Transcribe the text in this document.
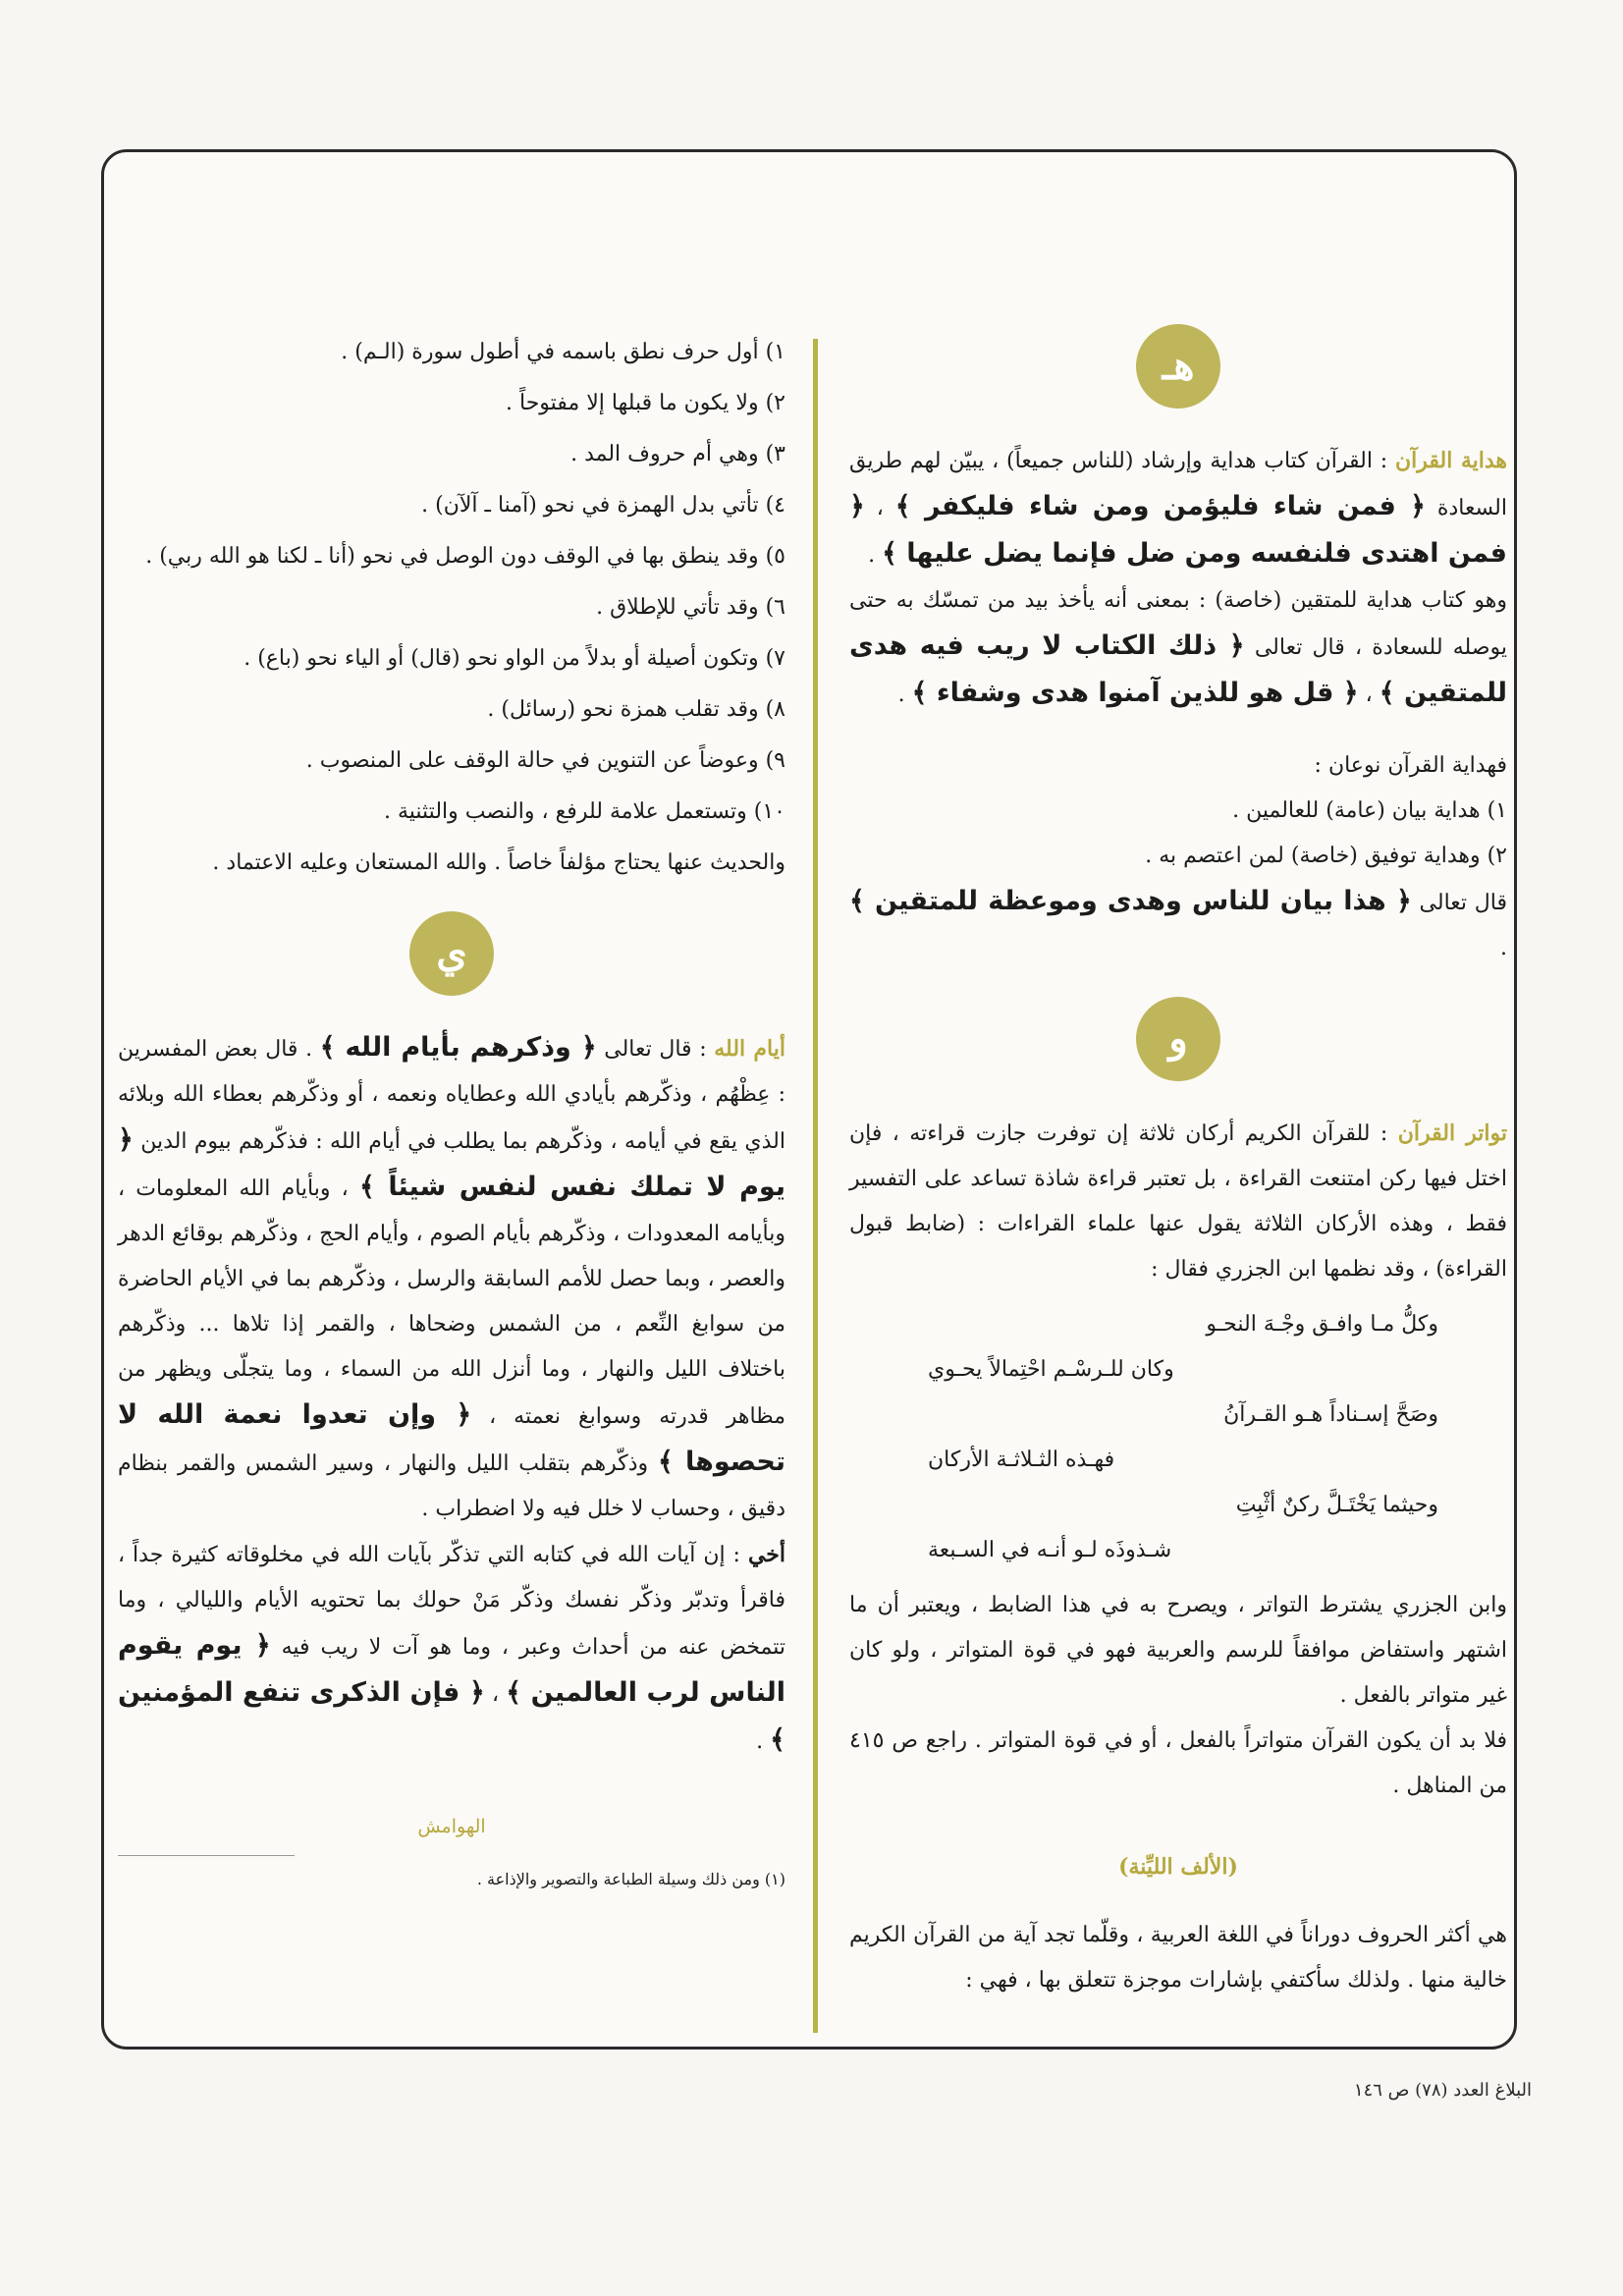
هـ

هداية القرآن : القرآن كتاب هداية وإرشاد (للناس جميعاً) ، يبيّن لهم طريق السعادة ﴿ فمن شاء فليؤمن ومن شاء فليكفر ﴾ ، ﴿ فمن اهتدى فلنفسه ومن ضل فإنما يضل عليها ﴾ .

وهو كتاب هداية للمتقين (خاصة) : بمعنى أنه يأخذ بيد من تمسّك به حتى يوصله للسعادة ، قال تعالى ﴿ ذلك الكتاب لا ريب فيه هدى للمتقين ﴾ ، ﴿ قل هو للذين آمنوا هدى وشفاء ﴾ .

فهداية القرآن نوعان :

١) هداية بيان (عامة) للعالمين .

٢) وهداية توفيق (خاصة) لمن اعتصم به .

قال تعالى ﴿ هذا بيان للناس وهدى وموعظة للمتقين ﴾ .

و

تواتر القرآن : للقرآن الكريم أركان ثلاثة إن توفرت جازت قراءته ، فإن اختل فيها ركن امتنعت القراءة ، بل تعتبر قراءة شاذة تساعد على التفسير فقط ، وهذه الأركان الثلاثة يقول عنها علماء القراءات : (ضابط قبول القراءة) ، وقد نظمها ابن الجزري فقال :

وكلُّ مـا وافـق وجْـهَ النحـو
وكان للـرسْـم احْتِمالاً يحـوي
وصَحَّ إسـناداً هـو القـرآنُ
فهـذه الثـلاثـة الأركان
وحيثما يَخْتَـلَّ ركنٌ أثْبِتِ
شـذوذَه لـو أنـه في السـبعة

وابن الجزري يشترط التواتر ، ويصرح به في هذا الضابط ، ويعتبر أن ما اشتهر واستفاض موافقاً للرسم والعربية فهو في قوة المتواتر ، ولو كان غير متواتر بالفعل .

فلا بد أن يكون القرآن متواتراً بالفعل ، أو في قوة المتواتر . راجع ص ٤١٥ من المناهل .

(الألف الليِّنة)

هي أكثر الحروف دوراناً في اللغة العربية ، وقلّما تجد آية من القرآن الكريم خالية منها . ولذلك سأكتفي بإشارات موجزة تتعلق بها ، فهي :

١) أول حرف نطق باسمه في أطول سورة (الـم) .
٢) ولا يكون ما قبلها إلا مفتوحاً .
٣) وهي أم حروف المد .
٤) تأتي بدل الهمزة في نحو (آمنا ـ آلآن) .
٥) وقد ينطق بها في الوقف دون الوصل في نحو (أنا ـ لكنا هو الله ربي) .
٦) وقد تأتي للإطلاق .
٧) وتكون أصيلة أو بدلاً من الواو نحو (قال) أو الياء نحو (باع) .
٨) وقد تقلب همزة نحو (رسائل) .
٩) وعوضاً عن التنوين في حالة الوقف على المنصوب .
١٠) وتستعمل علامة للرفع ، والنصب والتثنية .

والحديث عنها يحتاج مؤلفاً خاصاً . والله المستعان وعليه الاعتماد .

ي

أيام الله : قال تعالى ﴿ وذكرهم بأيام الله ﴾ . قال بعض المفسرين : عِظْهُم ، وذكّرهم بأيادي الله وعطاياه ونعمه ، أو وذكّرهم بعطاء الله وبلائه الذي يقع في أيامه ، وذكّرهم بما يطلب في أيام الله : فذكّرهم بيوم الدين ﴿ يوم لا تملك نفس لنفس شيئاً ﴾ ، وبأيام الله المعلومات ، وبأيامه المعدودات ، وذكّرهم بأيام الصوم ، وأيام الحج ، وذكّرهم بوقائع الدهر والعصر ، وبما حصل للأمم السابقة والرسل ، وذكّرهم بما في الأيام الحاضرة من سوابغ النِّعم ، من الشمس وضحاها ، والقمر إذا تلاها ... وذكّرهم باختلاف الليل والنهار ، وما أنزل الله من السماء ، وما يتجلّى ويظهر من مظاهر قدرته وسوابغ نعمته ، ﴿ وإن تعدوا نعمة الله لا تحصوها ﴾ وذكّرهم بتقلب الليل والنهار ، وسير الشمس والقمر بنظام دقيق ، وحساب لا خلل فيه ولا اضطراب .

أخي : إن آيات الله في كتابه التي تذكّر بآيات الله في مخلوقاته كثيرة جداً ، فاقرأ وتدبّر وذكّر نفسك وذكّر مَنْ حولك بما تحتويه الأيام والليالي ، وما تتمخض عنه من أحداث وعبر ، وما هو آت لا ريب فيه ﴿ يوم يقوم الناس لرب العالمين ﴾ ، ﴿ فإن الذكرى تنفع المؤمنين ﴾ .

الهوامش

(١) ومن ذلك وسيلة الطباعة والتصوير والإذاعة .

البلاغ العدد (٧٨) ص ١٤٦
